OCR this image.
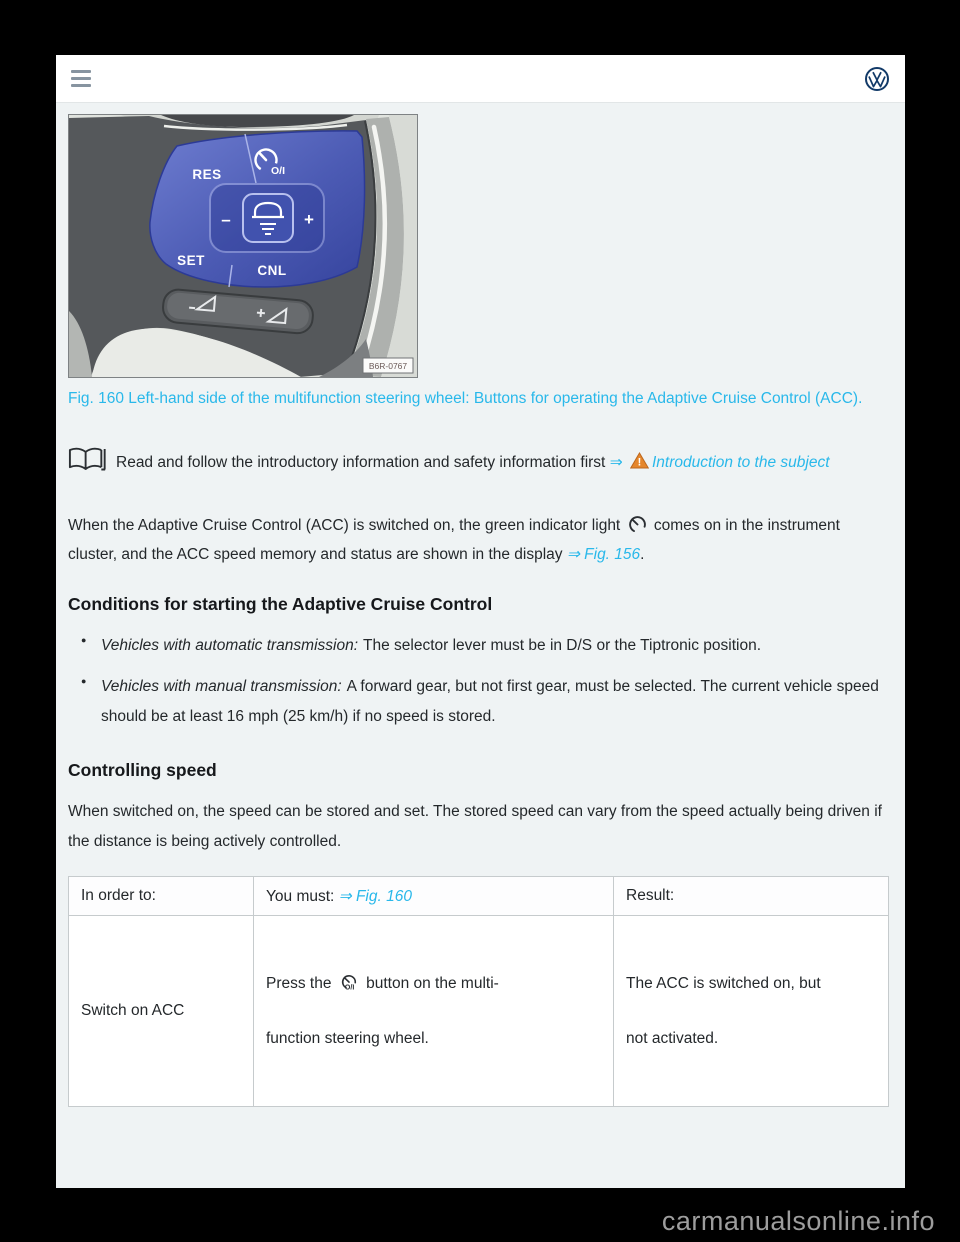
O/I
RES
SET
CNL
–	+
B6R-0767
Fig. 160 Left-hand side of the multifunction steering wheel: Buttons for operating the Adaptive Cruise Control (ACC).
Read and follow the introductory information and safety information first ⇒ ! Introduction to the subject

When the Adaptive Cruise Control (ACC) is switched on, the green indicator light comes on in the instrument cluster, and the ACC speed memory and status are shown in the display ⇒ Fig. 156.

Conditions for starting the Adaptive Cruise Control
● Vehicles with automatic transmission: The selector lever must be in D/S or the Tiptronic position.
● Vehicles with manual transmission: A forward gear, but not first gear, must be selected. The current vehicle speed should be at least 16 mph (25 km/h) if no speed is stored.
Controlling speed

When switched on, the speed can be stored and set. The stored speed can vary from the speed actually being driven if the distance is being actively controlled.

In order to:	You must: ⇒ Fig. 160	Result:
Switch on ACC	Press the O/I button on the multi-
function steering wheel.	The ACC is switched on, but
not activated.
carmanualsonline.info
